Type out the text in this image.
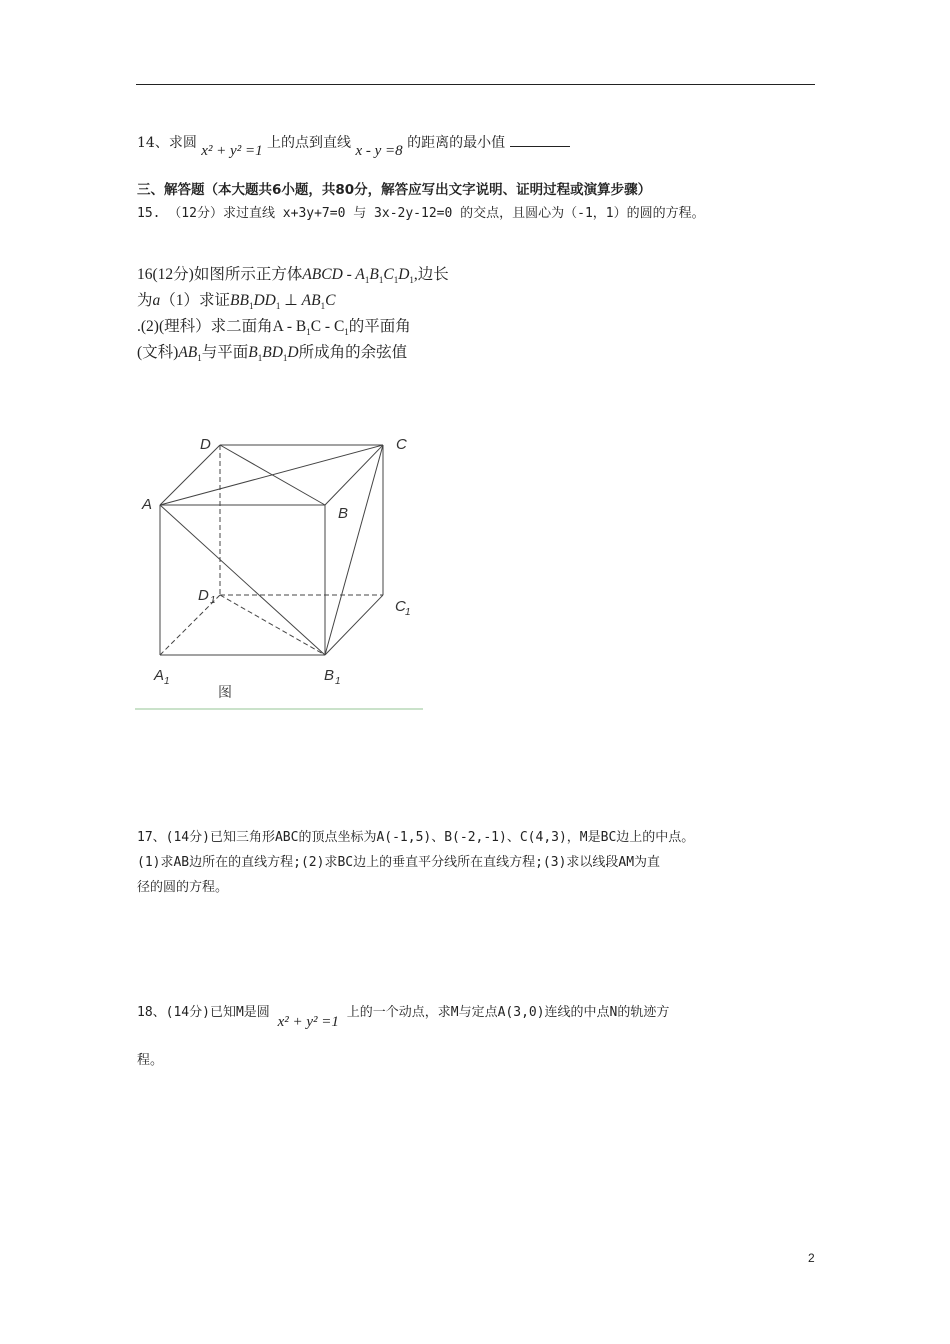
14、求圆 x² + y² =1 上的点到直线 x - y =8 的距离的最小值
三、解答题（本大题共6小题，共80分，解答应写出文字说明、证明过程或演算步骤）
15. （12分）求过直线 x+3y+7=0 与 3x-2y-12=0 的交点，且圆心为（-1，1）的圆的方程。
16(12分)如图所示正方体ABCD - $A_1B_1C_1D_1$,边长
为a（1）求证$BB_1DD_1$ ⊥ $AB_1C$
.(2)(理科）求二面角A - $B_1C - C_1$的平面角
(文科)$AB_1$与平面$B_1BD_1D$所成角的余弦值
D	C
A
B
D 1	C 1
A 1	B 1
图
17、(14分)已知三角形ABC的顶点坐标为A(-1,5)、B(-2,-1)、C(4,3)，M是BC边上的中点。
(1)求AB边所在的直线方程;(2)求BC边上的垂直平分线所在直线方程;(3)求以线段AM为直
径的圆的方程。
18、(14分)已知M是圆 x² + y² =1 上的一个动点，求M与定点A(3,0)连线的中点N的轨迹方
程。
2
